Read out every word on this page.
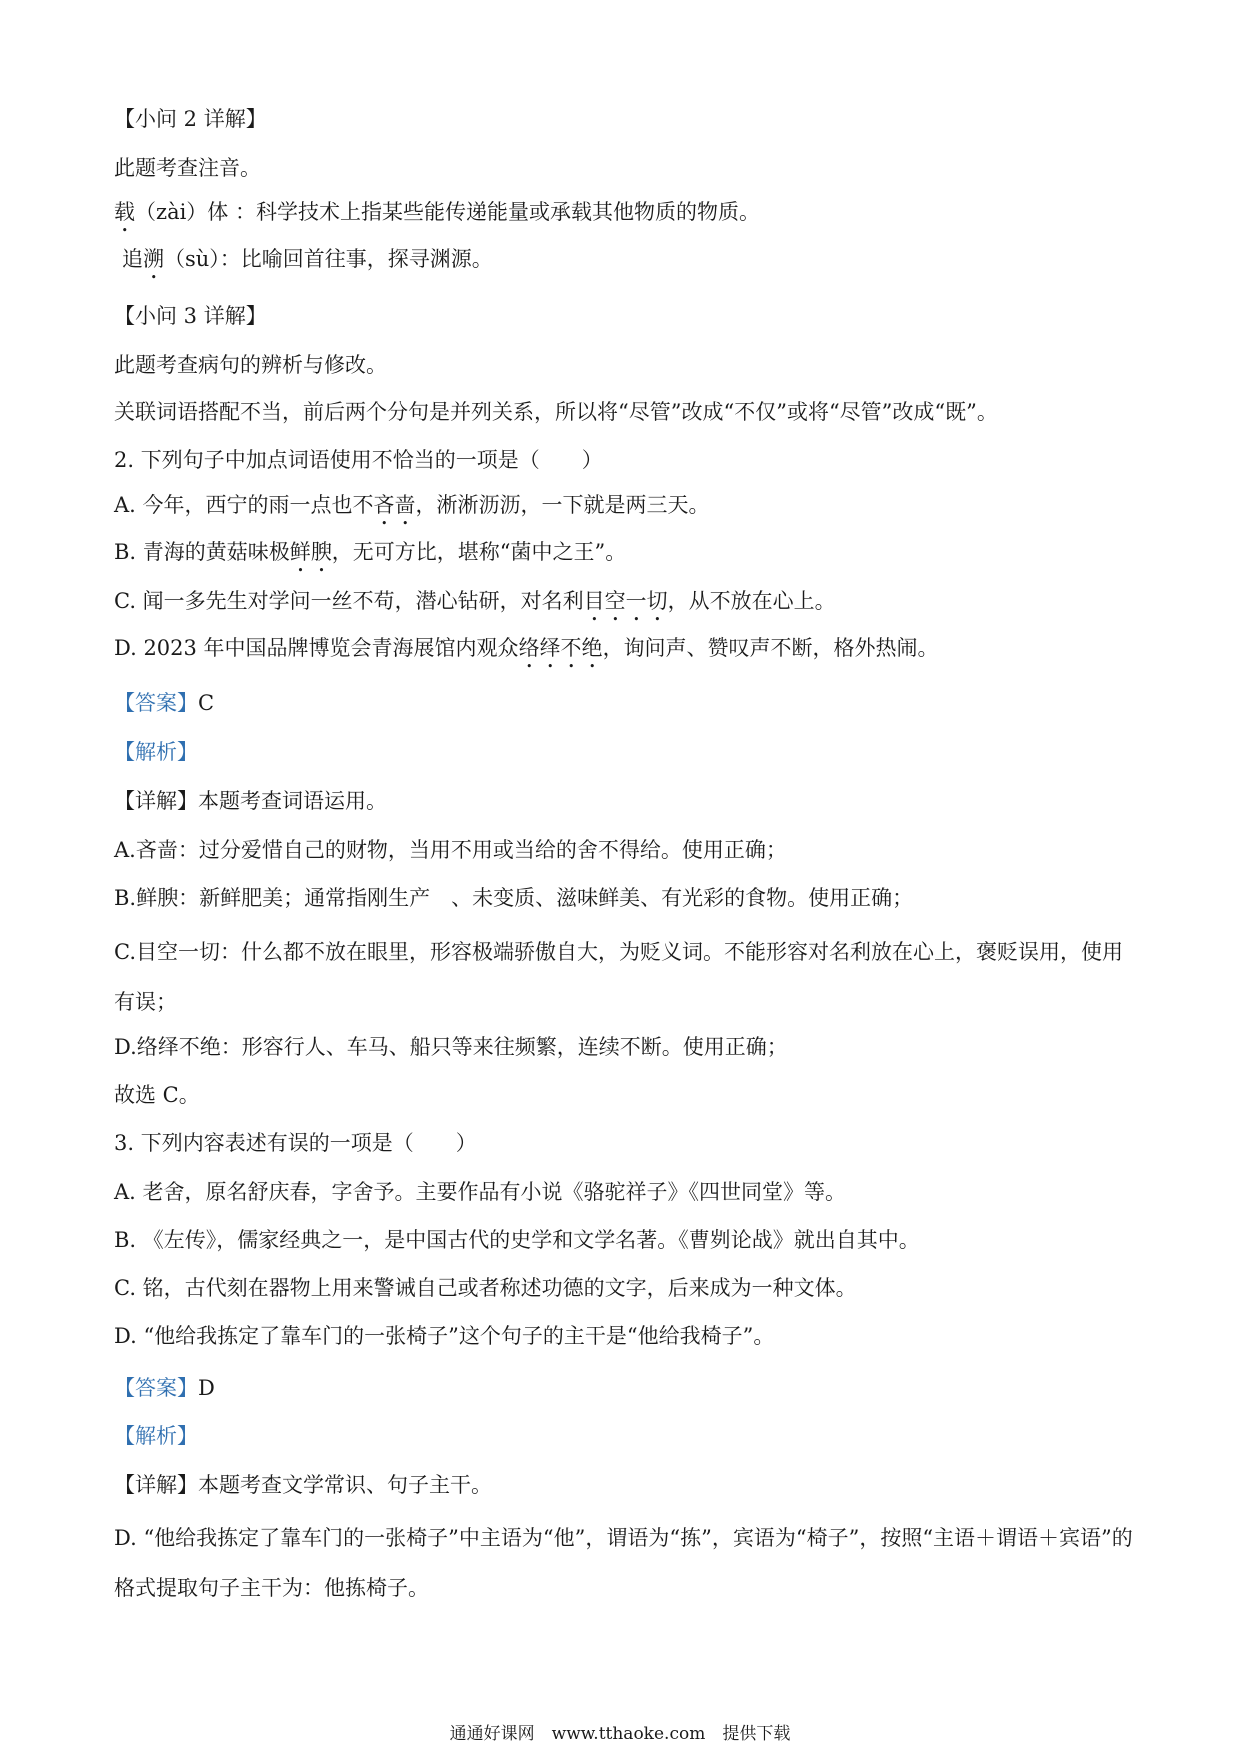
【小问 2 详解】
此题考查注音。
载（zài）体 ：科学技术上指某些能传递能量或承载其他物质的物质。
追溯（sù）：比喻回首往事，探寻渊源。
【小问 3 详解】
此题考查病句的辨析与修改。
关联词语搭配不当，前后两个分句是并列关系，所以将“尽管”改成“不仅”或将“尽管”改成“既”。
2. 下列句子中加点词语使用不恰当的一项是（　　）
A. 今年，西宁的雨一点也不吝啬，淅淅沥沥，一下就是两三天。
B. 青海的黄菇味极鲜腴，无可方比，堪称“菌中之王”。
C. 闻一多先生对学问一丝不苟，潜心钻研，对名利目空一切，从不放在心上。
D. 2023 年中国品牌博览会青海展馆内观众络绎不绝，询问声、赞叹声不断，格外热闹。
【答案】C
【解析】
【详解】本题考查词语运用。
A.吝啬：过分爱惜自己的财物，当用不用或当给的舍不得给。使用正确；
B.鲜腴：新鲜肥美；通常指刚生产　、未变质、滋味鲜美、有光彩的食物。使用正确；
C.目空一切：什么都不放在眼里，形容极端骄傲自大，为贬义词。不能形容对名利放在心上，褒贬误用，使用有误；
D.络绎不绝：形容行人、车马、船只等来往频繁，连续不断。使用正确；
故选 C。
3. 下列内容表述有误的一项是（　　）
A. 老舍，原名舒庆春，字舍予。主要作品有小说《骆驼祥子》《四世同堂》等。
B. 《左传》，儒家经典之一，是中国古代的史学和文学名著。《曹刿论战》就出自其中。
C. 铭，古代刻在器物上用来警诫自己或者称述功德的文字，后来成为一种文体。
D. “他给我拣定了靠车门的一张椅子”这个句子的主干是“他给我椅子”。
【答案】D
【解析】
【详解】本题考查文学常识、句子主干。
D. “他给我拣定了靠车门的一张椅子”中主语为“他”，谓语为“拣”，宾语为“椅子”，按照“主语＋谓语＋宾语”的格式提取句子主干为：他拣椅子。
通通好课网　www.tthaoke.com　提供下载
